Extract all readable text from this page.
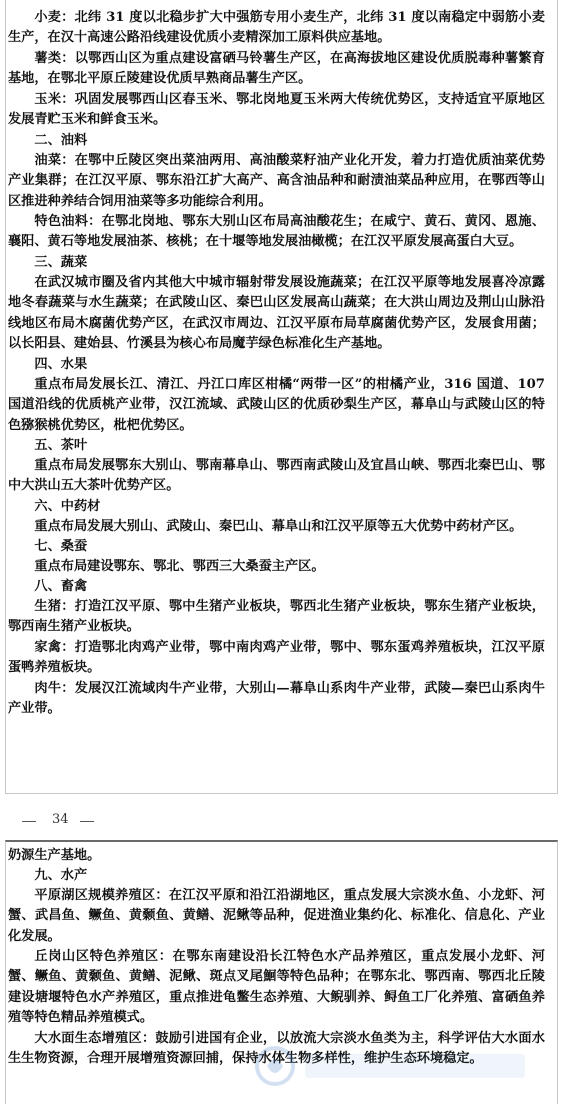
34

小麦：北纬 31 度以北稳步扩大中强筋专用小麦生产，北纬 31 度以南稳定中弱筋小麦生产，在汉十高速公路沿线建设优质小麦精深加工原料供应基地。

薯类：以鄂西山区为重点建设富硒马铃薯生产区，在高海拔地区建设优质脱毒种薯繁育基地，在鄂北平原丘陵建设优质早熟商品薯生产区。

玉米：巩固发展鄂西山区春玉米、鄂北岗地夏玉米两大传统优势区，支持适宜平原地区发展青贮玉米和鲜食玉米。

二、油料

油菜：在鄂中丘陵区突出菜油两用、高油酸菜籽油产业化开发，着力打造优质油菜优势产业集群；在江汉平原、鄂东沿江扩大高产、高含油品种和耐渍油菜品种应用，在鄂西等山区推进种养结合饲用油菜等多功能综合利用。

特色油料：在鄂北岗地、鄂东大别山区布局高油酸花生；在咸宁、黄石、黄冈、恩施、襄阳、黄石等地发展油茶、核桃；在十堰等地发展油橄榄；在江汉平原发展高蛋白大豆。

三、蔬菜

在武汉城市圈及省内其他大中城市辐射带发展设施蔬菜；在江汉平原等地发展喜冷凉露地冬春蔬菜与水生蔬菜；在武陵山区、秦巴山区发展高山蔬菜；在大洪山周边及荆山山脉沿线地区布局木腐菌优势产区，在武汉市周边、江汉平原布局草腐菌优势产区，发展食用菌；以长阳县、建始县、竹溪县为核心布局魔芋绿色标准化生产基地。

四、水果

重点布局发展长江、清江、丹江口库区柑橘“两带一区”的柑橘产业，316 国道、107 国道沿线的优质桃产业带，汉江流域、武陵山区的优质砂梨生产区，幕阜山与武陵山区的特色猕猴桃优势区，枇杷优势区。

五、茶叶

重点布局发展鄂东大别山、鄂南幕阜山、鄂西南武陵山及宜昌山峡、鄂西北秦巴山、鄂中大洪山五大茶叶优势产区。

六、中药材

重点布局发展大别山、武陵山、秦巴山、幕阜山和江汉平原等五大优势中药材产区。

七、桑蚕

重点布局建设鄂东、鄂北、鄂西三大桑蚕主产区。

八、畜禽

生猪：打造江汉平原、鄂中生猪产业板块，鄂西北生猪产业板块，鄂东生猪产业板块，鄂西南生猪产业板块。

家禽：打造鄂北肉鸡产业带，鄂中南肉鸡产业带，鄂中、鄂东蛋鸡养殖板块，江汉平原蛋鸭养殖板块。

肉牛：发展汉江流域肉牛产业带，大别山—幕阜山系肉牛产业带，武陵—秦巴山系肉牛产业带。

奶源生产基地。

九、水产

平原湖区规模养殖区：在江汉平原和沿江沿湖地区，重点发展大宗淡水鱼、小龙虾、河蟹、武昌鱼、鳜鱼、黄颡鱼、黄鳝、泥鳅等品种，促进渔业集约化、标准化、信息化、产业化发展。

丘岗山区特色养殖区：在鄂东南建设沿长江特色水产品养殖区，重点发展小龙虾、河蟹、鳜鱼、黄颡鱼、黄鳝、泥鳅、斑点叉尾鮰等特色品种；在鄂东北、鄂西南、鄂西北丘陵建设塘堰特色水产养殖区，重点推进龟鳖生态养殖、大鲵驯养、鲟鱼工厂化养殖、富硒鱼养殖等特色精品养殖模式。

大水面生态增殖区：鼓励引进国有企业，以放流大宗淡水鱼类为主，科学评估大水面水生生物资源，合理开展增殖资源回捕，保持水体生物多样性，维护生态环境稳定。
